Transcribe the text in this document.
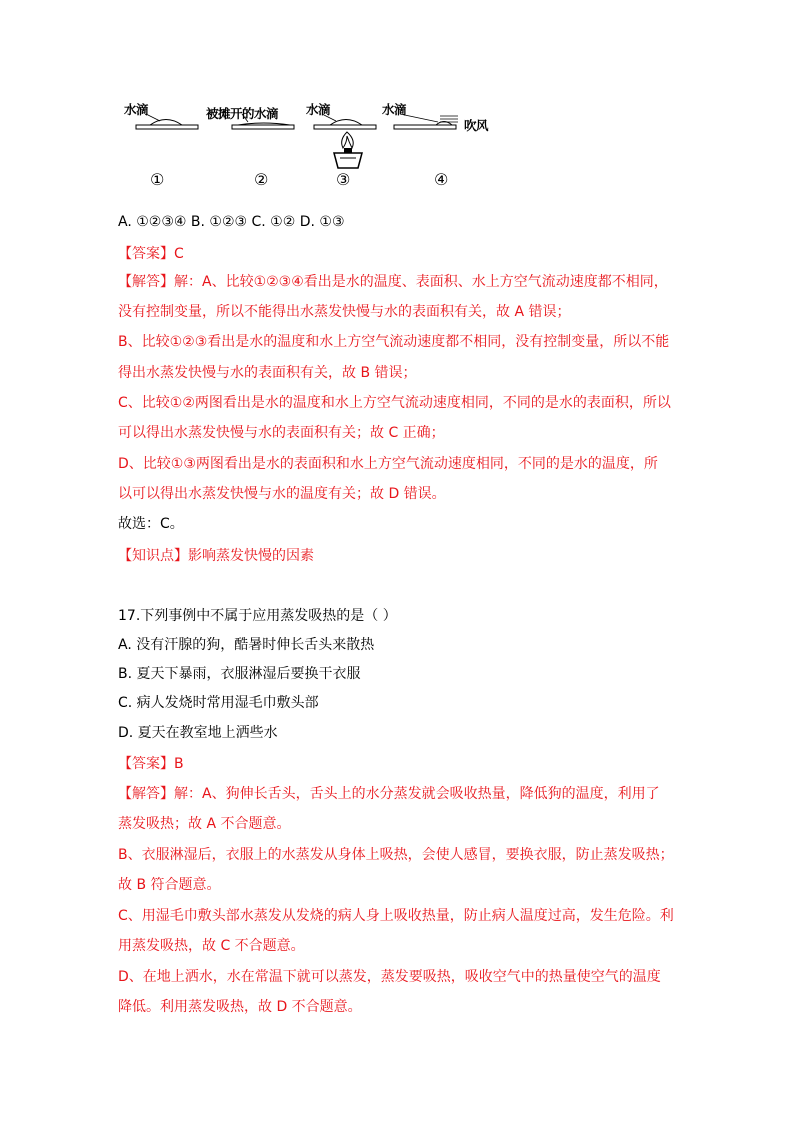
水滴	被摊开的水滴 水滴	水滴
吹风
①	②	③	④
A. ①②③④ B. ①②③ C. ①② D. ①③
【答案】C
【解答】解：A、比较①②③④看出是水的温度、表面积、水上方空气流动速度都不相同，
没有控制变量，所以不能得出水蒸发快慢与水的表面积有关，故 A 错误；
B、比较①②③看出是水的温度和水上方空气流动速度都不相同，没有控制变量，所以不能
得出水蒸发快慢与水的表面积有关，故 B 错误；
C、比较①②两图看出是水的温度和水上方空气流动速度相同，不同的是水的表面积，所以
可以得出水蒸发快慢与水的表面积有关；故 C 正确；
D、比较①③两图看出是水的表面积和水上方空气流动速度相同，不同的是水的温度，所
以可以得出水蒸发快慢与水的温度有关；故 D 错误。
故选：C。
【知识点】影响蒸发快慢的因素
17.下列事例中不属于应用蒸发吸热的是（ ）
A. 没有汗腺的狗，酷暑时伸长舌头来散热
B. 夏天下暴雨，衣服淋湿后要换干衣服
C. 病人发烧时常用湿毛巾敷头部
D. 夏天在教室地上洒些水
【答案】B
【解答】解：A、狗伸长舌头，舌头上的水分蒸发就会吸收热量，降低狗的温度，利用了
蒸发吸热；故 A 不合题意。
B、衣服淋湿后，衣服上的水蒸发从身体上吸热，会使人感冒，要换衣服，防止蒸发吸热；
故 B 符合题意。
C、用湿毛巾敷头部水蒸发从发烧的病人身上吸收热量，防止病人温度过高，发生危险。利
用蒸发吸热，故 C 不合题意。
D、在地上洒水，水在常温下就可以蒸发，蒸发要吸热，吸收空气中的热量使空气的温度
降低。利用蒸发吸热，故 D 不合题意。
